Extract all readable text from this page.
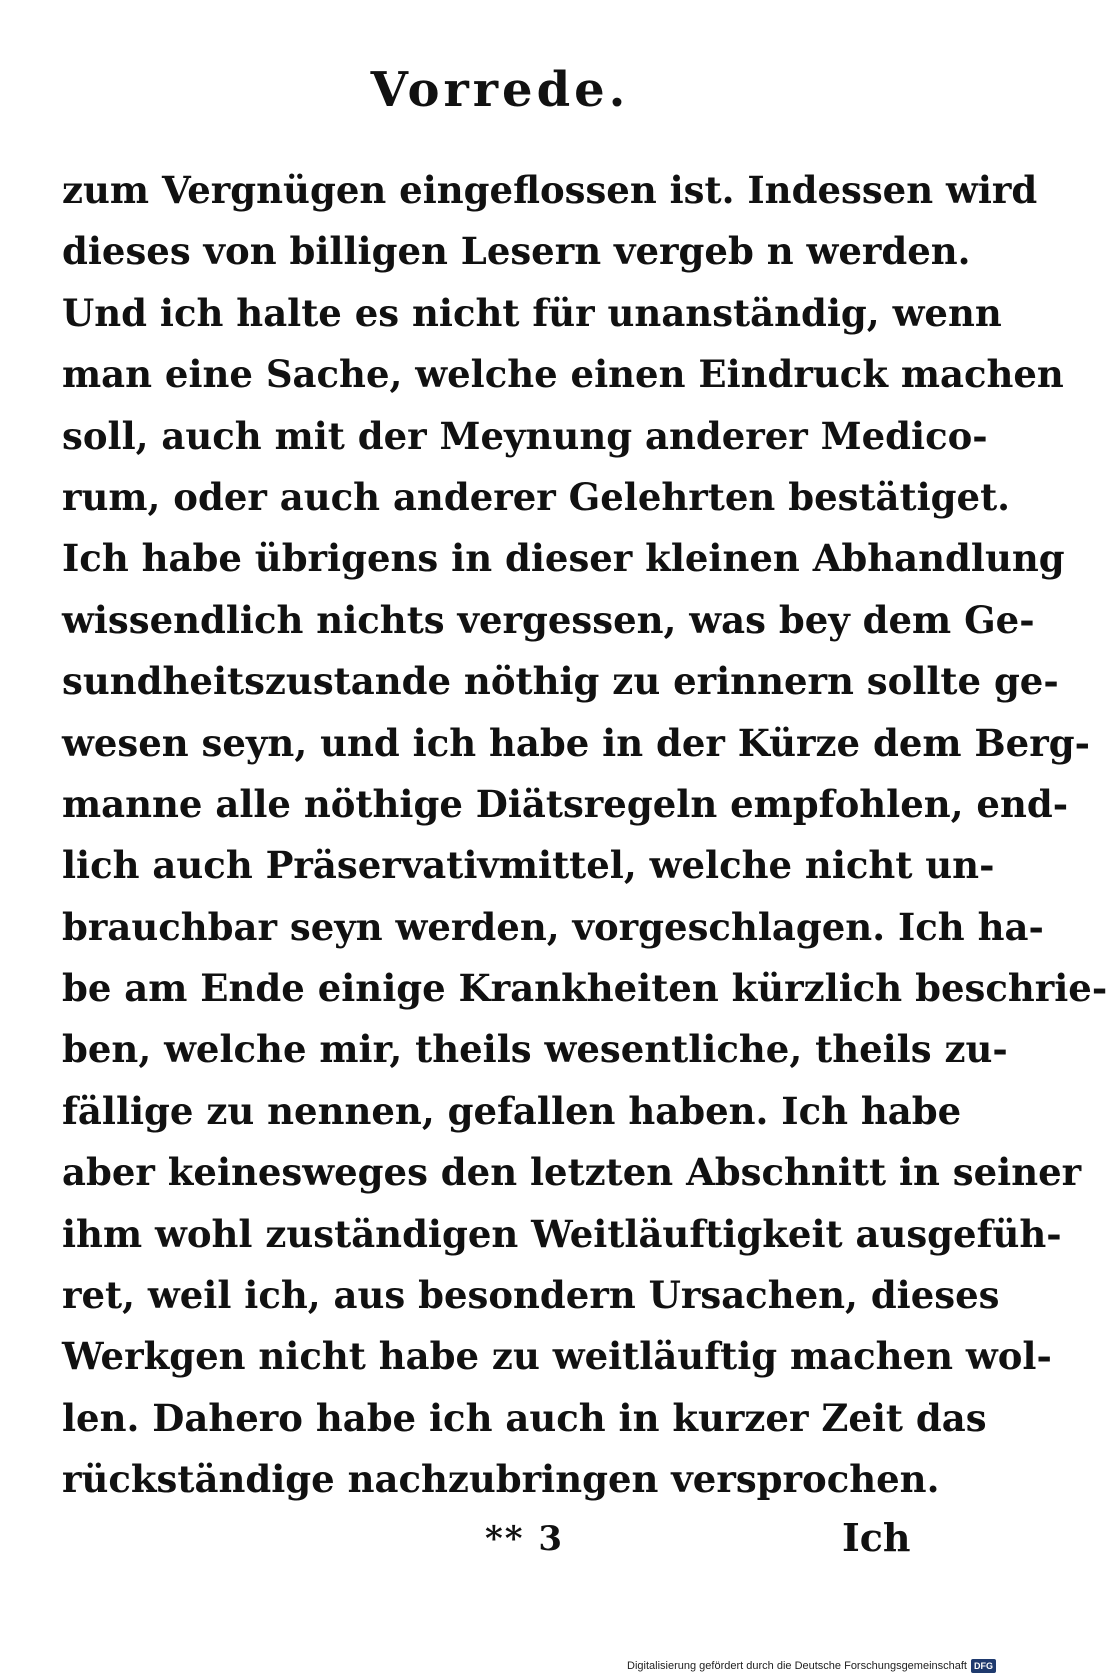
Vorrede.
zum Vergnügen eingeflossen ist. Indessen wird
dieses von billigen Lesern vergeb n werden.
Und ich halte es nicht für unanständig, wenn
man eine Sache, welche einen Eindruck machen
soll, auch mit der Meynung anderer Medico-
rum, oder auch anderer Gelehrten bestätiget.
Ich habe übrigens in dieser kleinen Abhandlung
wissendlich nichts vergessen, was bey dem Ge-
sundheitszustande nöthig zu erinnern sollte ge-
wesen seyn, und ich habe in der Kürze dem Berg-
manne alle nöthige Diätsregeln empfohlen, end-
lich auch Präservativmittel, welche nicht un-
brauchbar seyn werden, vorgeschlagen. Ich ha-
be am Ende einige Krankheiten kürzlich beschrie-
ben, welche mir, theils wesentliche, theils zu-
fällige zu nennen, gefallen haben. Ich habe
aber keinesweges den letzten Abschnitt in seiner
ihm wohl zuständigen Weitläuftigkeit ausgefüh-
ret, weil ich, aus besondern Ursachen, dieses
Werkgen nicht habe zu weitläuftig machen wol-
len. Dahero habe ich auch in kurzer Zeit das
rückständige nachzubringen versprochen.
** 3	Ich
Digitalisierung gefördert durch die Deutsche Forschungsgemeinschaft DFG
